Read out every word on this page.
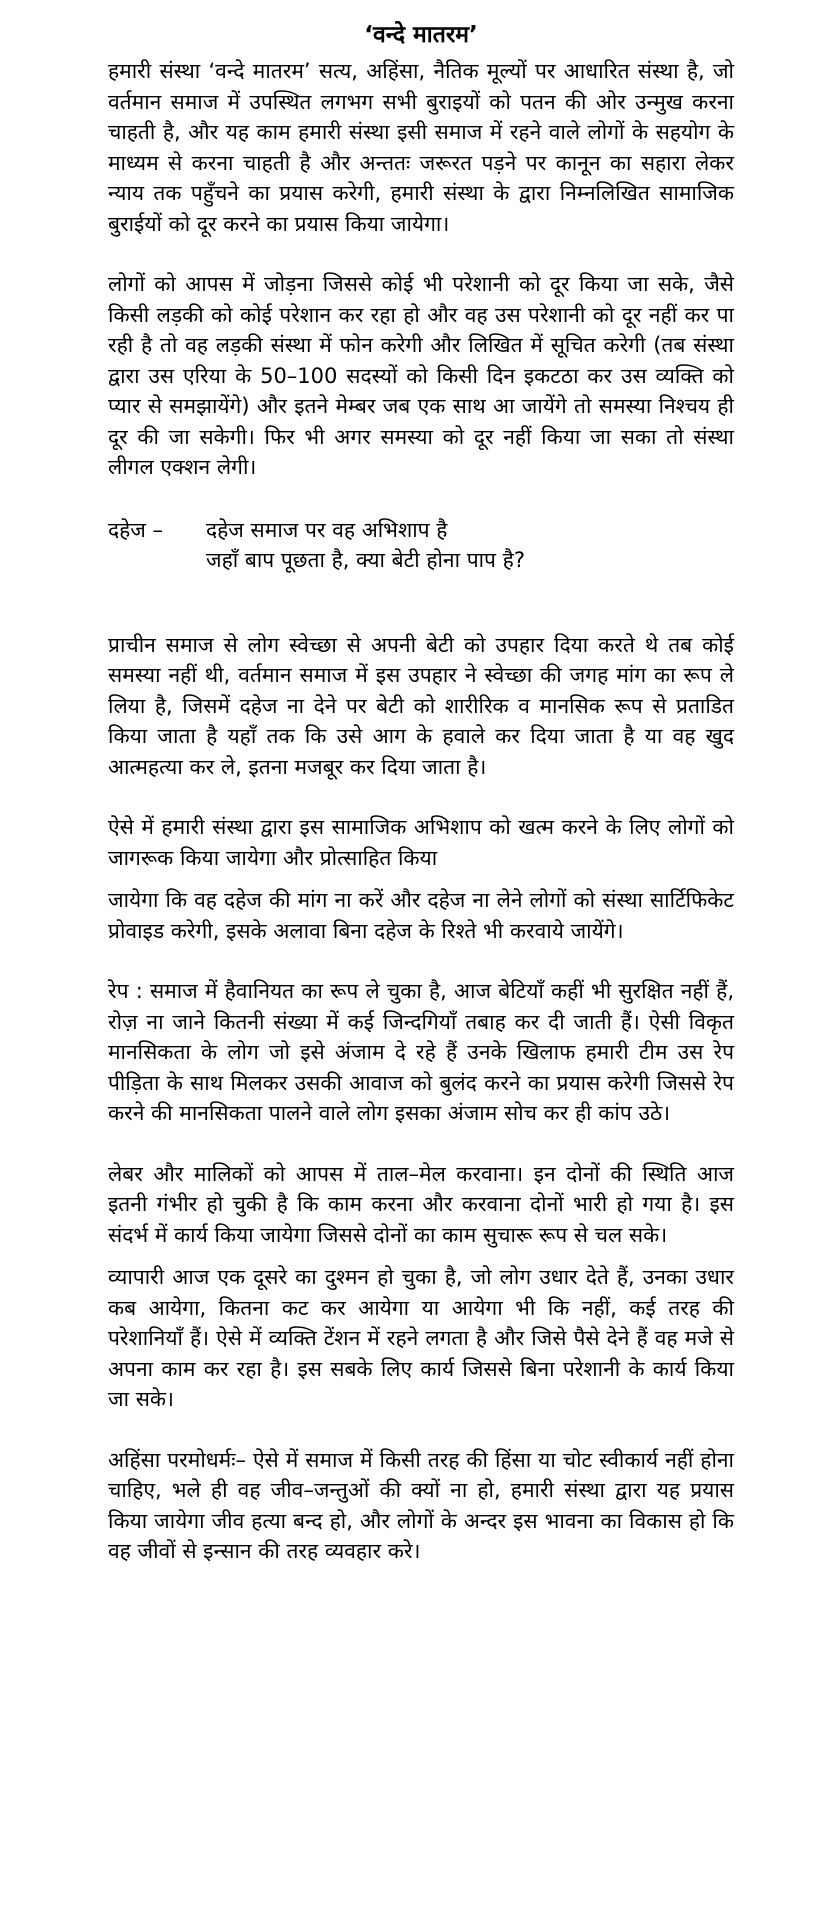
‘वन्दे मातरम’

हमारी संस्था ‘वन्दे मातरम’ सत्य, अहिंसा, नैतिक मूल्यों पर आधारित संस्था है, जो वर्तमान समाज में उपस्थित लगभग सभी बुराइयों को पतन की ओर उन्मुख करना चाहती है, और यह काम हमारी संस्था इसी समाज में रहने वाले लोगों के सहयोग के माध्यम से करना चाहती है और अन्ततः जरूरत पड़ने पर कानून का सहारा लेकर न्याय तक पहुँचने का प्रयास करेगी, हमारी संस्था के द्वारा निम्नलिखित सामाजिक बुराईयों को दूर करने का प्रयास किया जायेगा।

लोगों को आपस में जोड़ना जिससे कोई भी परेशानी को दूर किया जा सके, जैसे किसी लड़की को कोई परेशान कर रहा हो और वह उस परेशानी को दूर नहीं कर पा रही है तो वह लड़की संस्था में फोन करेगी और लिखित में सूचित करेगी (तब संस्था द्वारा उस एरिया के 50–100 सदस्यों को किसी दिन इकटठा कर उस व्यक्ति को प्यार से समझायेंगे) और इतने मेम्बर जब एक साथ आ जायेंगे तो समस्या निश्चय ही दूर की जा सकेगी। फिर भी अगर समस्या को दूर नहीं किया जा सका तो संस्था लीगल एक्शन लेगी।

दहेज –	दहेज समाज पर वह अभिशाप है
जहाँ बाप पूछता है, क्या बेटी होना पाप है?

प्राचीन समाज से लोग स्वेच्छा से अपनी बेटी को उपहार दिया करते थे तब कोई समस्या नहीं थी, वर्तमान समाज में इस उपहार ने स्वेच्छा की जगह मांग का रूप ले लिया है, जिसमें दहेज ना देने पर बेटी को शारीरिक व मानसिक रूप से प्रताडित किया जाता है यहाँ तक कि उसे आग के हवाले कर दिया जाता है या वह खुद आत्महत्या कर ले, इतना मजबूर कर दिया जाता है।

ऐसे में हमारी संस्था द्वारा इस सामाजिक अभिशाप को खत्म करने के लिए लोगों को जागरूक किया जायेगा और प्रोत्साहित किया

जायेगा कि वह दहेज की मांग ना करें और दहेज ना लेने लोगों को संस्था सार्टिफिकेट प्रोवाइड करेगी, इसके अलावा बिना दहेज के रिश्ते भी करवाये जायेंगे।

रेप : समाज में हैवानियत का रूप ले चुका है, आज बेटियाँ कहीं भी सुरक्षित नहीं हैं, रोज़ ना जाने कितनी संख्या में कई जिन्दगियाँ तबाह कर दी जाती हैं। ऐसी विकृत मानसिकता के लोग जो इसे अंजाम दे रहे हैं उनके खिलाफ हमारी टीम उस रेप पीड़िता के साथ मिलकर उसकी आवाज को बुलंद करने का प्रयास करेगी जिससे रेप करने की मानसिकता पालने वाले लोग इसका अंजाम सोच कर ही कांप उठे।

लेबर और मालिकों को आपस में ताल–मेल करवाना। इन दोनों की स्थिति आज इतनी गंभीर हो चुकी है कि काम करना और करवाना दोनों भारी हो गया है। इस संदर्भ में कार्य किया जायेगा जिससे दोनों का काम सुचारू रूप से चल सके।

व्यापारी आज एक दूसरे का दुश्मन हो चुका है, जो लोग उधार देते हैं, उनका उधार कब आयेगा, कितना कट कर आयेगा या आयेगा भी कि नहीं, कई तरह की परेशानियाँ हैं। ऐसे में व्यक्ति टेंशन में रहने लगता है और जिसे पैसे देने हैं वह मजे से अपना काम कर रहा है। इस सबके लिए कार्य जिससे बिना परेशानी के कार्य किया जा सके।

अहिंसा परमोधर्मः– ऐसे में समाज में किसी तरह की हिंसा या चोट स्वीकार्य नहीं होना चाहिए, भले ही वह जीव–जन्तुओं की क्यों ना हो, हमारी संस्था द्वारा यह प्रयास किया जायेगा जीव हत्या बन्द हो, और लोगों के अन्दर इस भावना का विकास हो कि वह जीवों से इन्सान की तरह व्यवहार करे।
